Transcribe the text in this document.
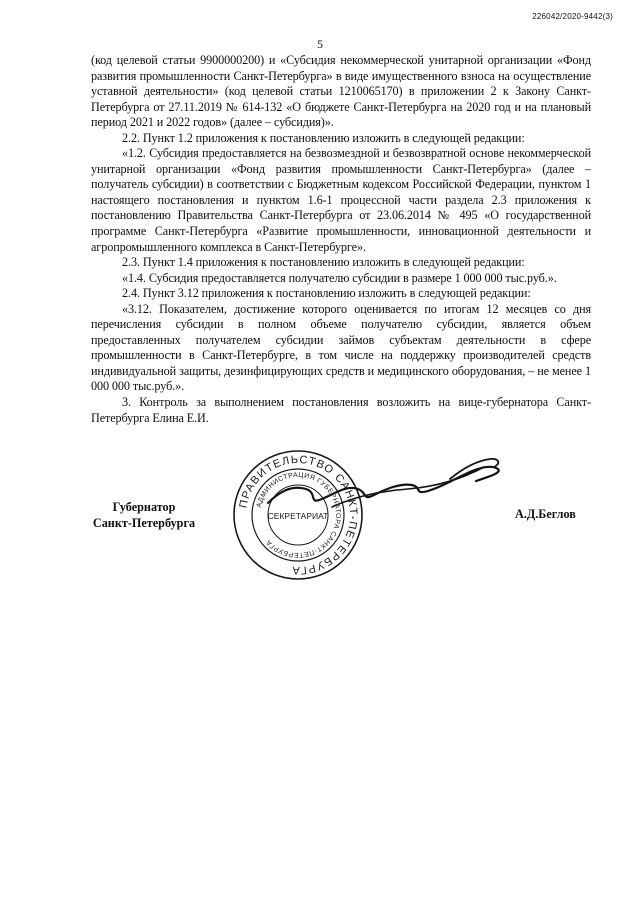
226042/2020-9442(3)
5

(код целевой статьи 9900000200) и «Субсидия некоммерческой унитарной организации «Фонд развития промышленности Санкт-Петербурга» в виде имущественного взноса на осуществление уставной деятельности» (код целевой статьи 1210065170) в приложении 2 к Закону Санкт-Петербурга от 27.11.2019 № 614-132 «О бюджете Санкт-Петербурга на 2020 год и на плановый период 2021 и 2022 годов» (далее – субсидия)».

2.2. Пункт 1.2 приложения к постановлению изложить в следующей редакции:

«1.2. Субсидия предоставляется на безвозмездной и безвозвратной основе некоммерческой унитарной организации «Фонд развития промышленности Санкт-Петербурга» (далее – получатель субсидии) в соответствии с Бюджетным кодексом Российской Федерации, пунктом 1 настоящего постановления и пунктом 1.6-1 процессной части раздела 2.3 приложения к постановлению Правительства Санкт-Петербурга от 23.06.2014 № 495 «О государственной программе Санкт-Петербурга «Развитие промышленности, инновационной деятельности и агропромышленного комплекса в Санкт-Петербурге».

2.3. Пункт 1.4 приложения к постановлению изложить в следующей редакции:

«1.4. Субсидия предоставляется получателю субсидии в размере 1 000 000 тыс.руб.».

2.4. Пункт 3.12 приложения к постановлению изложить в следующей редакции:

«3.12. Показателем, достижение которого оценивается по итогам 12 месяцев со дня перечисления субсидии в полном объеме получателю субсидии, является объем предоставленных получателем субсидии займов субъектам деятельности в сфере промышленности в Санкт-Петербурге, в том числе на поддержку производителей средств индивидуальной защиты, дезинфицирующих средств и медицинского оборудования, – не менее 1 000 000 тыс.руб.».

3. Контроль за выполнением постановления возложить на вице-губернатора Санкт-Петербурга Елина Е.И.

Губернатор
Санкт-Петербурга
А.Д.Беглов
ПРАВИТЕЛЬСТВО САНКТ-ПЕТЕРБУРГА
АДМИНИСТРАЦИЯ ГУБЕРНАТОРА САНКТ-ПЕТЕРБУРГА
СЕКРЕТАРИАТ
